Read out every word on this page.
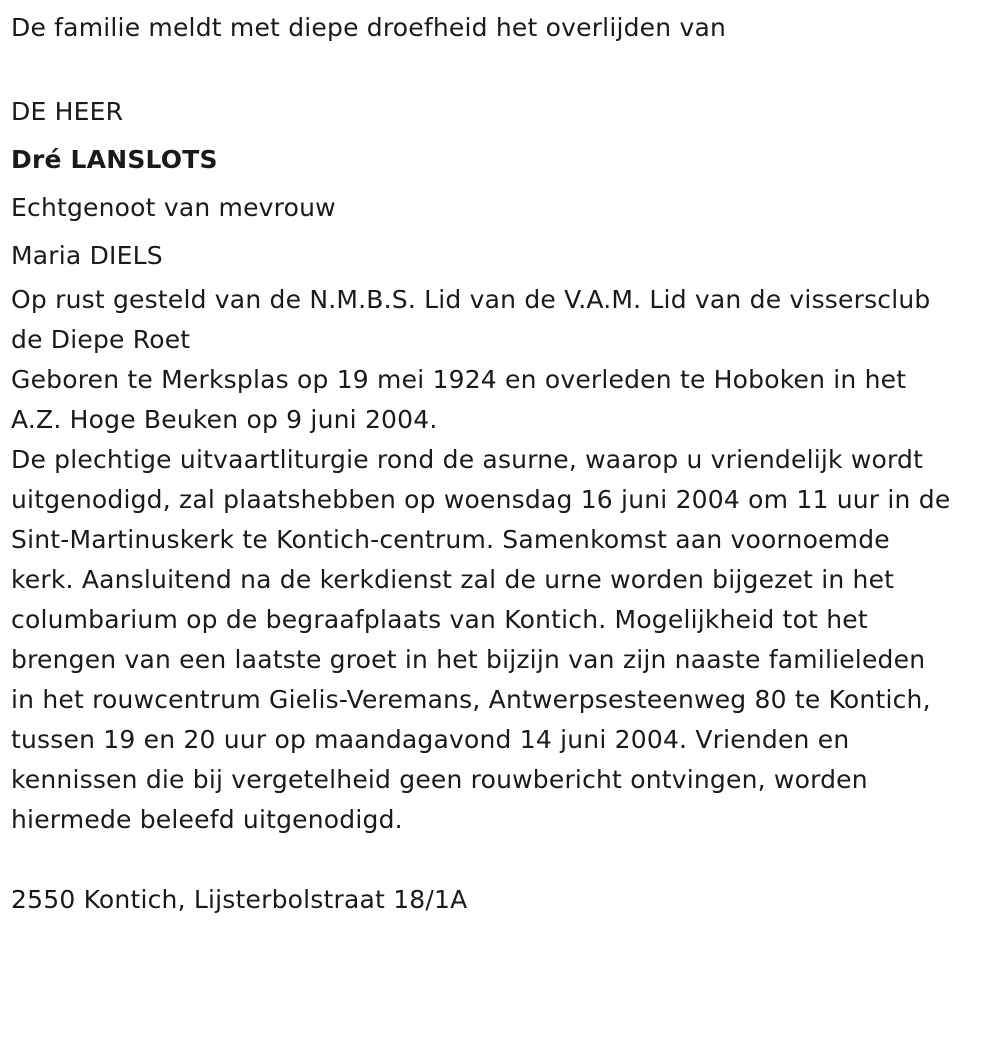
De familie meldt met diepe droefheid het overlijden van

DE HEER

Dré LANSLOTS

Echtgenoot van mevrouw

Maria DIELS

Op rust gesteld van de N.M.B.S. Lid van de V.A.M. Lid van de vissersclub

de Diepe Roet

Geboren te Merksplas op 19 mei 1924 en overleden te Hoboken in het

A.Z. Hoge Beuken op 9 juni 2004.

De plechtige uitvaartliturgie rond de asurne, waarop u vriendelijk wordt

uitgenodigd, zal plaatshebben op woensdag 16 juni 2004 om 11 uur in de

Sint-Martinuskerk te Kontich-centrum. Samenkomst aan voornoemde

kerk. Aansluitend na de kerkdienst zal de urne worden bijgezet in het

columbarium op de begraafplaats van Kontich. Mogelijkheid tot het

brengen van een laatste groet in het bijzijn van zijn naaste familieleden

in het rouwcentrum Gielis-Veremans, Antwerpsesteenweg 80 te Kontich,

tussen 19 en 20 uur op maandagavond 14 juni 2004. Vrienden en

kennissen die bij vergetelheid geen rouwbericht ontvingen, worden

hiermede beleefd uitgenodigd.

2550 Kontich, Lijsterbolstraat 18/1A
